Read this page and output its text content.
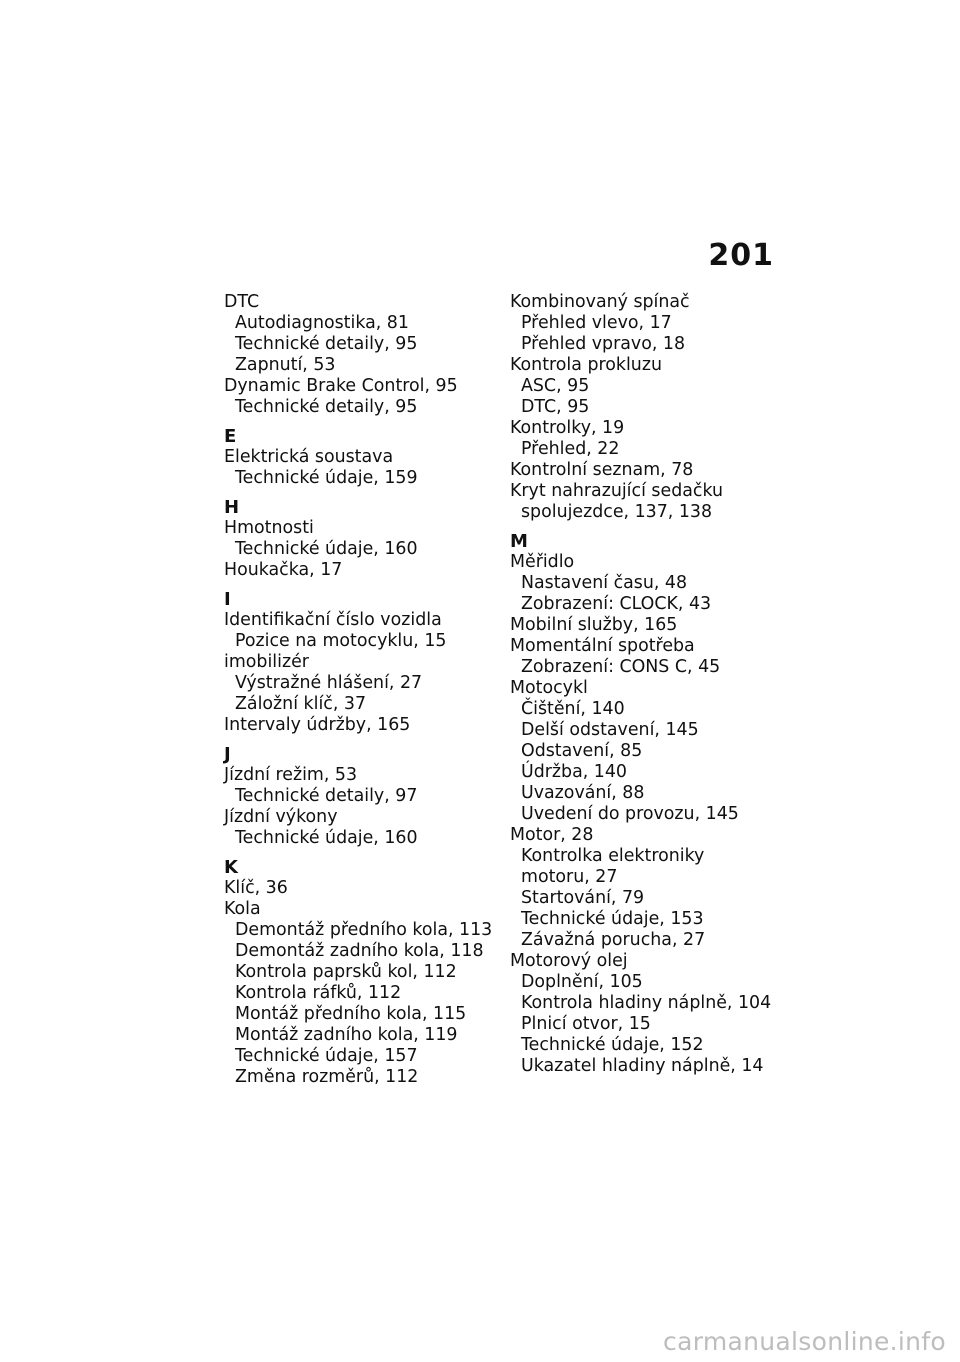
201
DTC
Autodiagnostika, 81
Technické detaily, 95
Zapnutí, 53
Dynamic Brake Control, 95
Technické detaily, 95
E
Elektrická soustava
Technické údaje, 159
H
Hmotnosti
Technické údaje, 160
Houkačka, 17
I
Identifikační číslo vozidla
Pozice na motocyklu, 15
imobilizér
Výstražné hlášení, 27
Záložní klíč, 37
Intervaly údržby, 165
J
Jízdní režim, 53
Technické detaily, 97
Jízdní výkony
Technické údaje, 160
K
Klíč, 36
Kola
Demontáž předního kola, 113
Demontáž zadního kola, 118
Kontrola paprsků kol, 112
Kontrola ráfků, 112
Montáž předního kola, 115
Montáž zadního kola, 119
Technické údaje, 157
Změna rozměrů, 112
Kombinovaný spínač
Přehled vlevo, 17
Přehled vpravo, 18
Kontrola prokluzu
ASC, 95
DTC, 95
Kontrolky, 19
Přehled, 22
Kontrolní seznam, 78
Kryt nahrazující sedačku
spolujezdce, 137, 138
M
Měřidlo
Nastavení času, 48
Zobrazení: CLOCK, 43
Mobilní služby, 165
Momentální spotřeba
Zobrazení: CONS C, 45
Motocykl
Čištění, 140
Delší odstavení, 145
Odstavení, 85
Údržba, 140
Uvazování, 88
Uvedení do provozu, 145
Motor, 28
Kontrolka elektroniky
motoru, 27
Startování, 79
Technické údaje, 153
Závažná porucha, 27
Motorový olej
Doplnění, 105
Kontrola hladiny náplně, 104
Plnicí otvor, 15
Technické údaje, 152
Ukazatel hladiny náplně, 14
carmanualsonline.info
